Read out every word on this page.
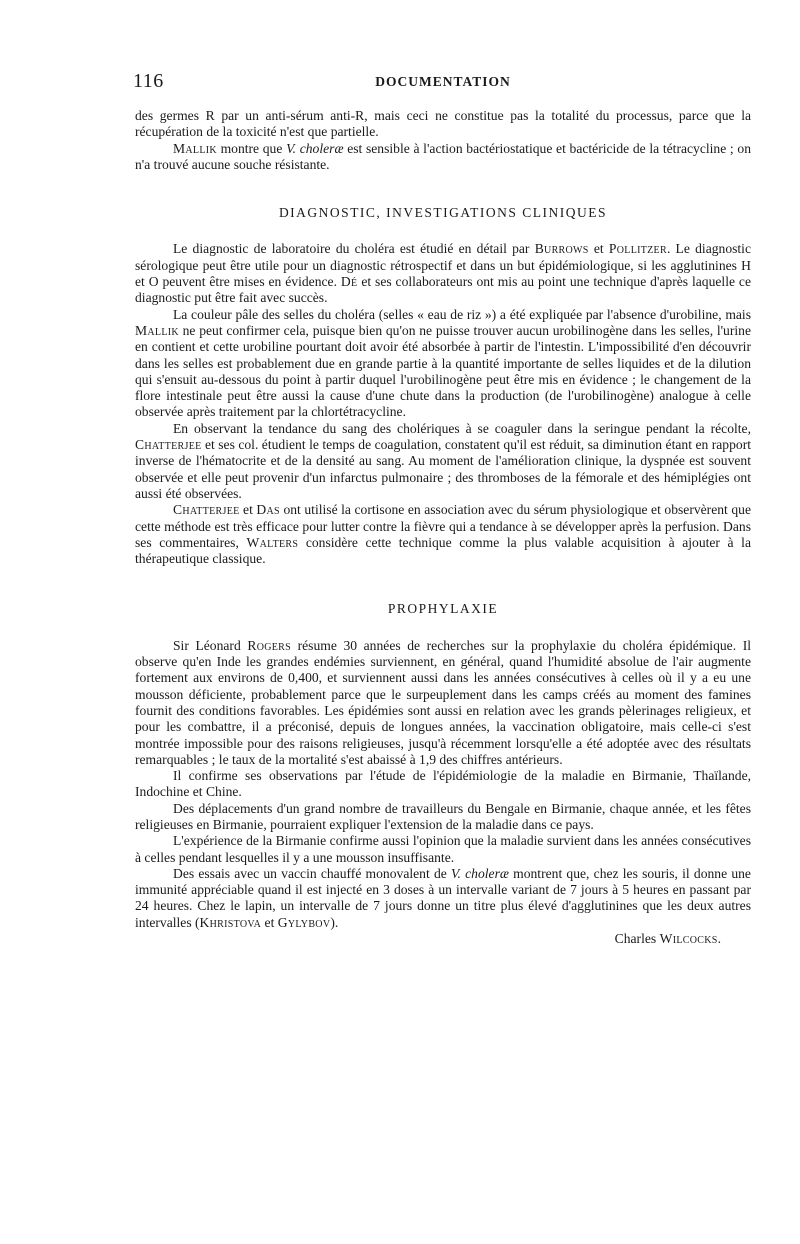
116	DOCUMENTATION

des germes R par un anti-sérum anti-R, mais ceci ne constitue pas la totalité du processus, parce que la récupération de la toxicité n'est que partielle.

Mallik montre que V. choleræ est sensible à l'action bactériostatique et bactéricide de la tétracycline ; on n'a trouvé aucune souche résistante.

DIAGNOSTIC, INVESTIGATIONS CLINIQUES

Le diagnostic de laboratoire du choléra est étudié en détail par Burrows et Pollitzer. Le diagnostic sérologique peut être utile pour un diagnostic rétrospectif et dans un but épidémiologique, si les agglutinines H et O peuvent être mises en évidence. Dé et ses collaborateurs ont mis au point une technique d'après laquelle ce diagnostic put être fait avec succès.

La couleur pâle des selles du choléra (selles « eau de riz ») a été expliquée par l'absence d'urobiline, mais Mallik ne peut confirmer cela, puisque bien qu'on ne puisse trouver aucun urobilinogène dans les selles, l'urine en contient et cette urobiline pourtant doit avoir été absorbée à partir de l'intestin. L'impossibilité d'en découvrir dans les selles est probablement due en grande partie à la quantité importante de selles liquides et de la dilution qui s'ensuit au-dessous du point à partir duquel l'urobilinogène peut être mis en évidence ; le changement de la flore intestinale peut être aussi la cause d'une chute dans la production (de l'urobilinogène) analogue à celle observée après traitement par la chlortétracycline.

En observant la tendance du sang des cholériques à se coaguler dans la seringue pendant la récolte, Chatterjee et ses col. étudient le temps de coagulation, constatent qu'il est réduit, sa diminution étant en rapport inverse de l'hématocrite et de la densité au sang. Au moment de l'amélioration clinique, la dyspnée est souvent observée et elle peut provenir d'un infarctus pulmonaire ; des thromboses de la fémorale et des hémiplégies ont aussi été observées.

Chatterjee et Das ont utilisé la cortisone en association avec du sérum physiologique et observèrent que cette méthode est très efficace pour lutter contre la fièvre qui a tendance à se développer après la perfusion. Dans ses commentaires, Walters considère cette technique comme la plus valable acquisition à ajouter à la thérapeutique classique.

PROPHYLAXIE

Sir Léonard Rogers résume 30 années de recherches sur la prophylaxie du choléra épidémique. Il observe qu'en Inde les grandes endémies surviennent, en général, quand l'humidité absolue de l'air augmente fortement aux environs de 0,400, et surviennent aussi dans les années consécutives à celles où il y a eu une mousson déficiente, probablement parce que le surpeuplement dans les camps créés au moment des famines fournit des conditions favorables. Les épidémies sont aussi en relation avec les grands pèlerinages religieux, et pour les combattre, il a préconisé, depuis de longues années, la vaccination obligatoire, mais celle-ci s'est montrée impossible pour des raisons religieuses, jusqu'à récemment lorsqu'elle a été adoptée avec des résultats remarquables ; le taux de la mortalité s'est abaissé à 1,9 des chiffres antérieurs.

Il confirme ses observations par l'étude de l'épidémiologie de la maladie en Birmanie, Thaïlande, Indochine et Chine.

Des déplacements d'un grand nombre de travailleurs du Bengale en Birmanie, chaque année, et les fêtes religieuses en Birmanie, pourraient expliquer l'extension de la maladie dans ce pays.

L'expérience de la Birmanie confirme aussi l'opinion que la maladie survient dans les années consécutives à celles pendant lesquelles il y a une mousson insuffisante.

Des essais avec un vaccin chauffé monovalent de V. choleræ montrent que, chez les souris, il donne une immunité appréciable quand il est injecté en 3 doses à un intervalle variant de 7 jours à 5 heures en passant par 24 heures. Chez le lapin, un intervalle de 7 jours donne un titre plus élevé d'agglutinines que les deux autres intervalles (Khristova et Gylybov).

Charles Wilcocks.
